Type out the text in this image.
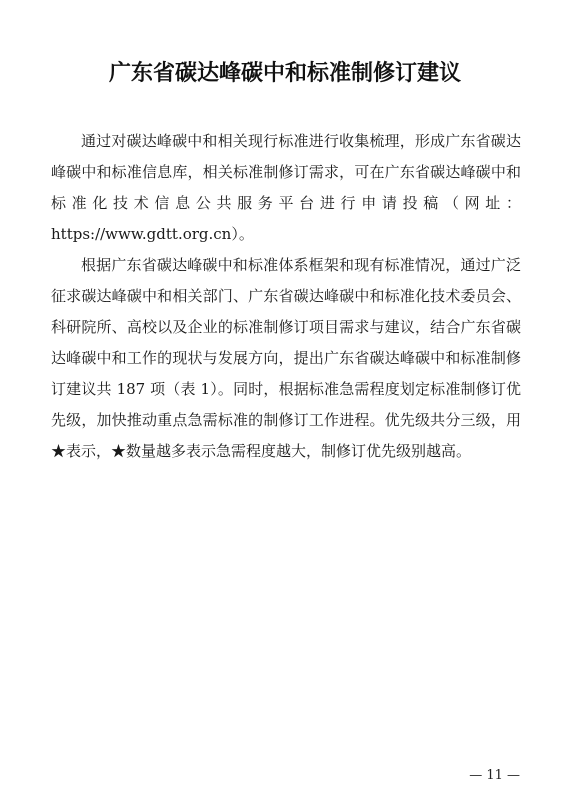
广东省碳达峰碳中和标准制修订建议

通过对碳达峰碳中和相关现行标准进行收集梳理，形成广东省碳达峰碳中和标准信息库，相关标准制修订需求，可在广东省碳达峰碳中和标准化技术信息公共服务平台进行申请投稿（网址：https://www.gdtt.org.cn）。

根据广东省碳达峰碳中和标准体系框架和现有标准情况，通过广泛征求碳达峰碳中和相关部门、广东省碳达峰碳中和标准化技术委员会、科研院所、高校以及企业的标准制修订项目需求与建议，结合广东省碳达峰碳中和工作的现状与发展方向，提出广东省碳达峰碳中和标准制修订建议共 187 项（表 1）。同时，根据标准急需程度划定标准制修订优先级，加快推动重点急需标准的制修订工作进程。优先级共分三级，用★表示，★数量越多表示急需程度越大，制修订优先级别越高。

— 11 —
